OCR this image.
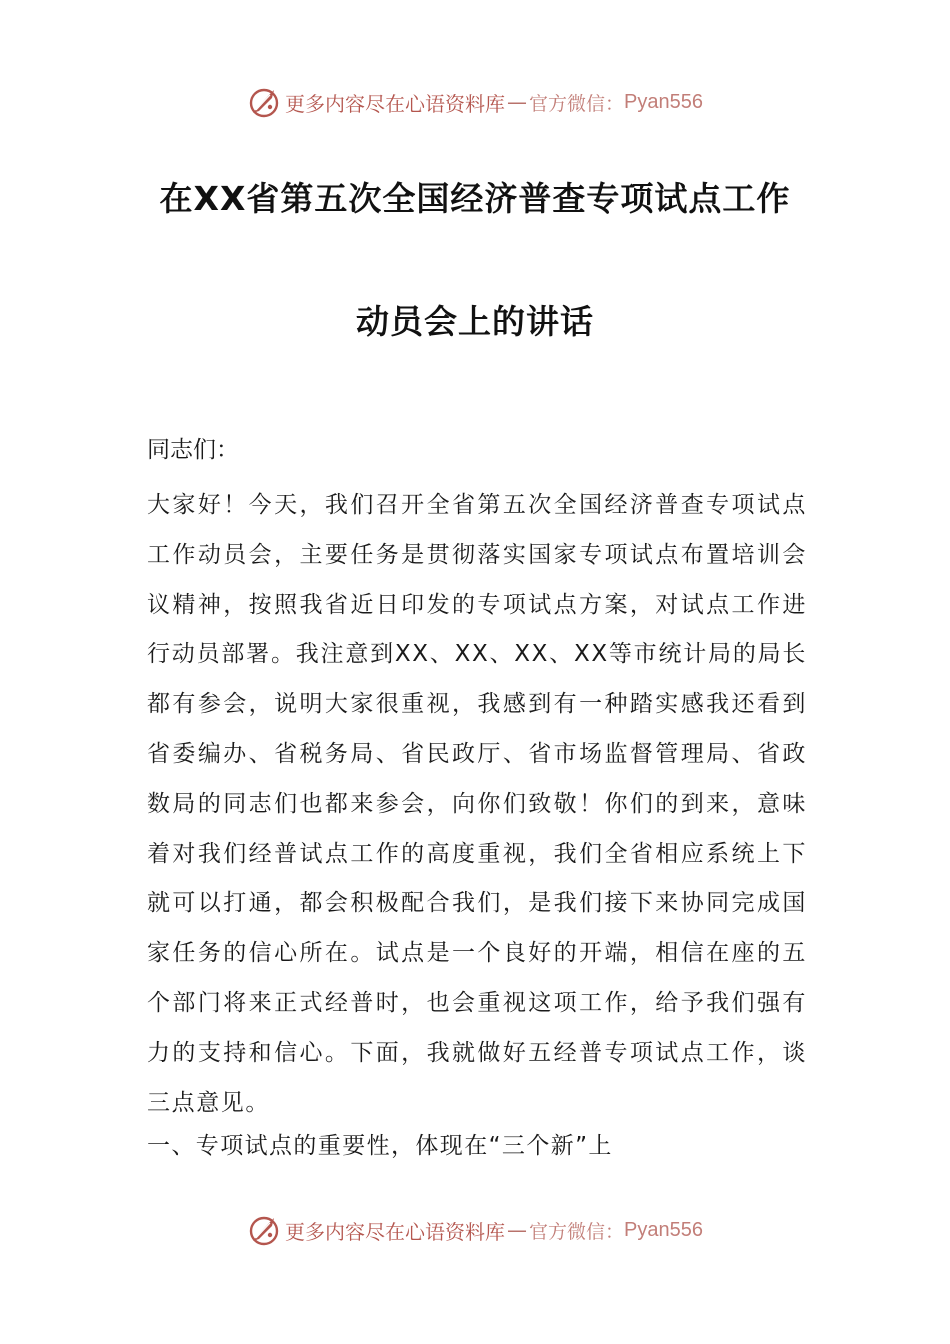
更多内容尽在心语资料库 — 官方微信： Pyan556
在XX省第五次全国经济普查专项试点工作
动员会上的讲话
同志们：
大家好！今天，我们召开全省第五次全国经济普查专项试点工作动员会，主要任务是贯彻落实国家专项试点布置培训会议精神，按照我省近日印发的专项试点方案，对试点工作进行动员部署。我注意到XX、XX、XX、XX等市统计局的局长都有参会，说明大家很重视，我感到有一种踏实感我还看到省委编办、省税务局、省民政厅、省市场监督管理局、省政数局的同志们也都来参会，向你们致敬！你们的到来，意味着对我们经普试点工作的高度重视，我们全省相应系统上下就可以打通，都会积极配合我们，是我们接下来协同完成国家任务的信心所在。试点是一个良好的开端，相信在座的五个部门将来正式经普时，也会重视这项工作，给予我们强有力的支持和信心。下面，我就做好五经普专项试点工作，谈三点意见。
一、专项试点的重要性，体现在“三个新”上
更多内容尽在心语资料库 — 官方微信： Pyan556
